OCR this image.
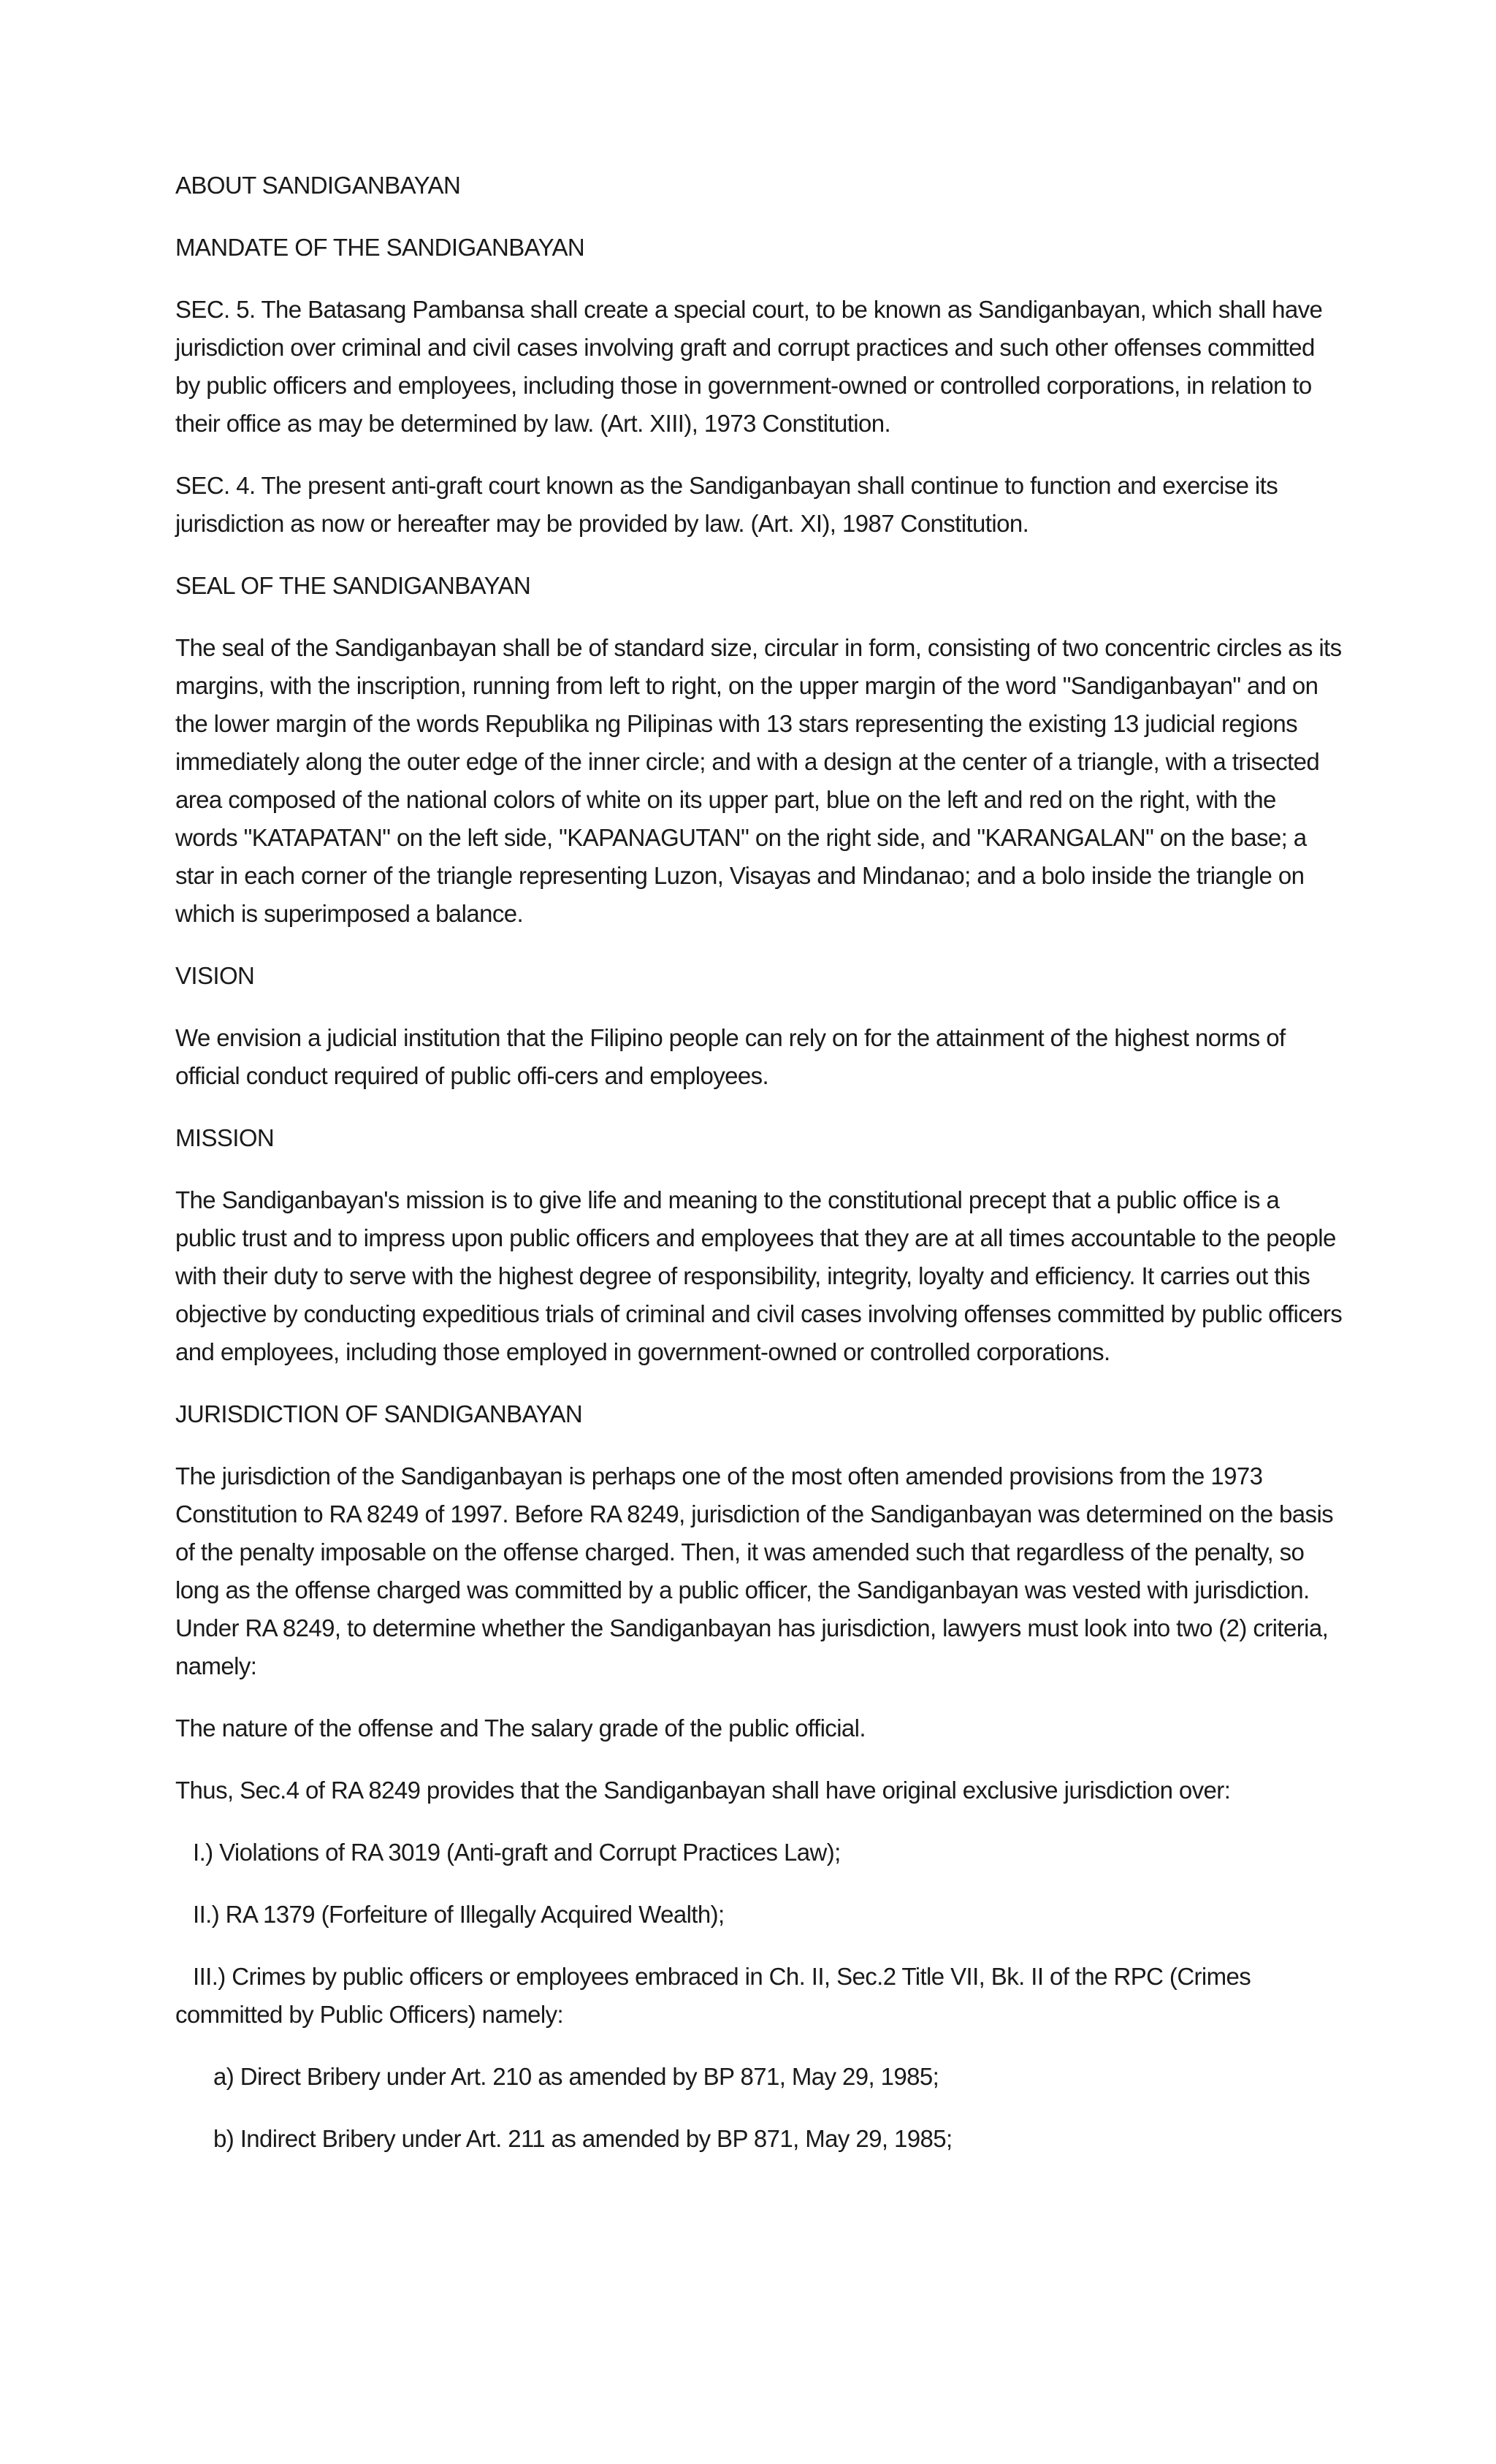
ABOUT SANDIGANBAYAN

MANDATE OF THE SANDIGANBAYAN

SEC. 5. The Batasang Pambansa shall create a special court, to be known as Sandiganbayan, which shall have jurisdiction over criminal and civil cases involving graft and corrupt practices and such other offenses committed by public officers and employees, including those in government-owned or controlled corporations, in relation to their office as may be determined by law. (Art. XIII), 1973 Constitution.

SEC. 4. The present anti-graft court known as the Sandiganbayan shall continue to function and exercise its jurisdiction as now or hereafter may be provided by law. (Art. XI), 1987 Constitution.

SEAL OF THE SANDIGANBAYAN

The seal of the Sandiganbayan shall be of standard size, circular in form, consisting of two concentric circles as its margins, with the inscription, running from left to right, on the upper margin of the word "Sandiganbayan" and on the lower margin of the words Republika ng Pilipinas with 13 stars representing the existing 13 judicial regions immediately along the outer edge of the inner circle; and with a design at the center of a triangle, with a trisected area composed of the national colors of white on its upper part, blue on the left and red on the right, with the words "KATAPATAN" on the left side, "KAPANAGUTAN" on the right side, and "KARANGALAN" on the base; a star in each corner of the triangle representing Luzon, Visayas and Mindanao; and a bolo inside the triangle on which is superimposed a balance.

VISION

We envision a judicial institution that the Filipino people can rely on for the attainment of the highest norms of official conduct required of public offi-cers and employees.

MISSION

The Sandiganbayan's mission is to give life and meaning to the constitutional precept that a public office is a public trust and to impress upon public officers and employees that they are at all times accountable to the people with their duty to serve with the highest degree of responsibility, integrity, loyalty and efficiency. It carries out this objective by conducting expeditious trials of criminal and civil cases involving offenses committed by public officers and employees, including those employed in government-owned or controlled corporations.

JURISDICTION OF SANDIGANBAYAN

The jurisdiction of the Sandiganbayan is perhaps one of the most often amended provisions from the 1973 Constitution to RA 8249 of 1997. Before RA 8249, jurisdiction of the Sandiganbayan was determined on the basis of the penalty imposable on the offense charged. Then, it was amended such that regardless of the penalty, so long as the offense charged was committed by a public officer, the Sandiganbayan was vested with jurisdiction. Under RA 8249, to determine whether the Sandiganbayan has jurisdiction, lawyers must look into two (2) criteria, namely:

The nature of the offense and The salary grade of the public official.

Thus, Sec.4 of RA 8249 provides that the Sandiganbayan shall have original exclusive jurisdiction over:

I.) Violations of RA 3019 (Anti-graft and Corrupt Practices Law);

II.) RA 1379 (Forfeiture of Illegally Acquired Wealth);

III.) Crimes by public officers or employees embraced in Ch. II, Sec.2 Title VII, Bk. II of the RPC (Crimes committed by Public Officers) namely:

a) Direct Bribery under Art. 210 as amended by BP 871, May 29, 1985;

b) Indirect Bribery under Art. 211 as amended by BP 871, May 29, 1985;
